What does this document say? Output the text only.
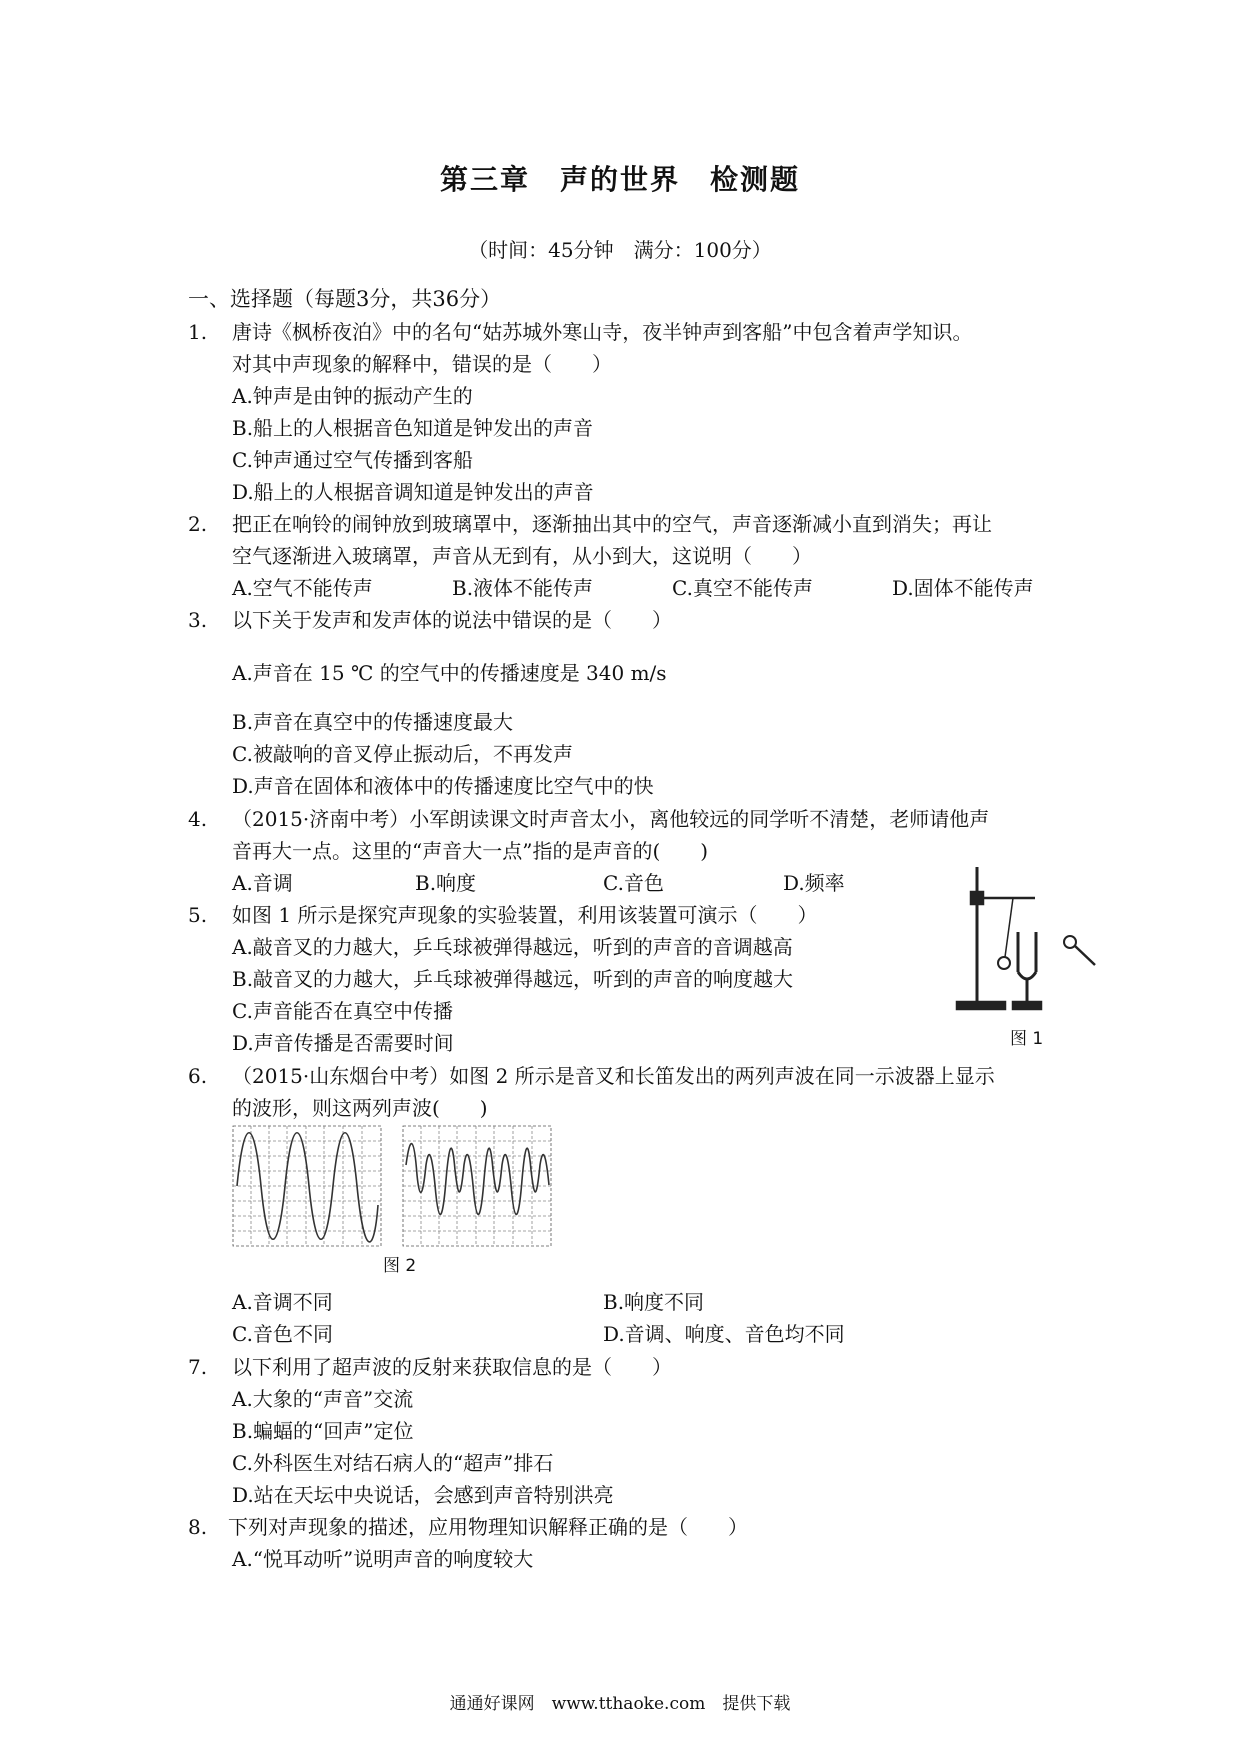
第三章　声的世界　检测题
（时间：45分钟　满分：100分）
一、选择题（每题3分，共36分）
1. 唐诗《枫桥夜泊》中的名句“姑苏城外寒山寺，夜半钟声到客船”中包含着声学知识。
对其中声现象的解释中，错误的是（　　）
A.钟声是由钟的振动产生的
B.船上的人根据音色知道是钟发出的声音
C.钟声通过空气传播到客船
D.船上的人根据音调知道是钟发出的声音
2. 把正在响铃的闹钟放到玻璃罩中，逐渐抽出其中的空气，声音逐渐减小直到消失；再让
空气逐渐进入玻璃罩，声音从无到有，从小到大，这说明（　　）
A.空气不能传声	B.液体不能传声	C.真空不能传声	D.固体不能传声
3. 以下关于发声和发声体的说法中错误的是（　　）
A.声音在 15 ℃ 的空气中的传播速度是 340 m/s
B.声音在真空中的传播速度最大
C.被敲响的音叉停止振动后，不再发声
D.声音在固体和液体中的传播速度比空气中的快
4. （2015·济南中考）小军朗读课文时声音太小，离他较远的同学听不清楚，老师请他声
音再大一点。这里的“声音大一点”指的是声音的(　　)
A.音调	B.响度	C.音色	D.频率
5. 如图 1 所示是探究声现象的实验装置，利用该装置可演示（　　）
A.敲音叉的力越大，乒乓球被弹得越远，听到的声音的音调越高
B.敲音叉的力越大，乒乓球被弹得越远，听到的声音的响度越大
C.声音能否在真空中传播
D.声音传播是否需要时间	图 1
6. （2015·山东烟台中考）如图 2 所示是音叉和长笛发出的两列声波在同一示波器上显示
的波形，则这两列声波(　　)
图 2
A.音调不同	B.响度不同
C.音色不同	D.音调、响度、音色均不同
7. 以下利用了超声波的反射来获取信息的是（　　）
A.大象的“声音”交流
B.蝙蝠的“回声”定位
C.外科医生对结石病人的“超声”排石
D.站在天坛中央说话，会感到声音特别洪亮
8. 下列对声现象的描述，应用物理知识解释正确的是（　　）
A.“悦耳动听”说明声音的响度较大
通通好课网　www.tthaoke.com　提供下载
